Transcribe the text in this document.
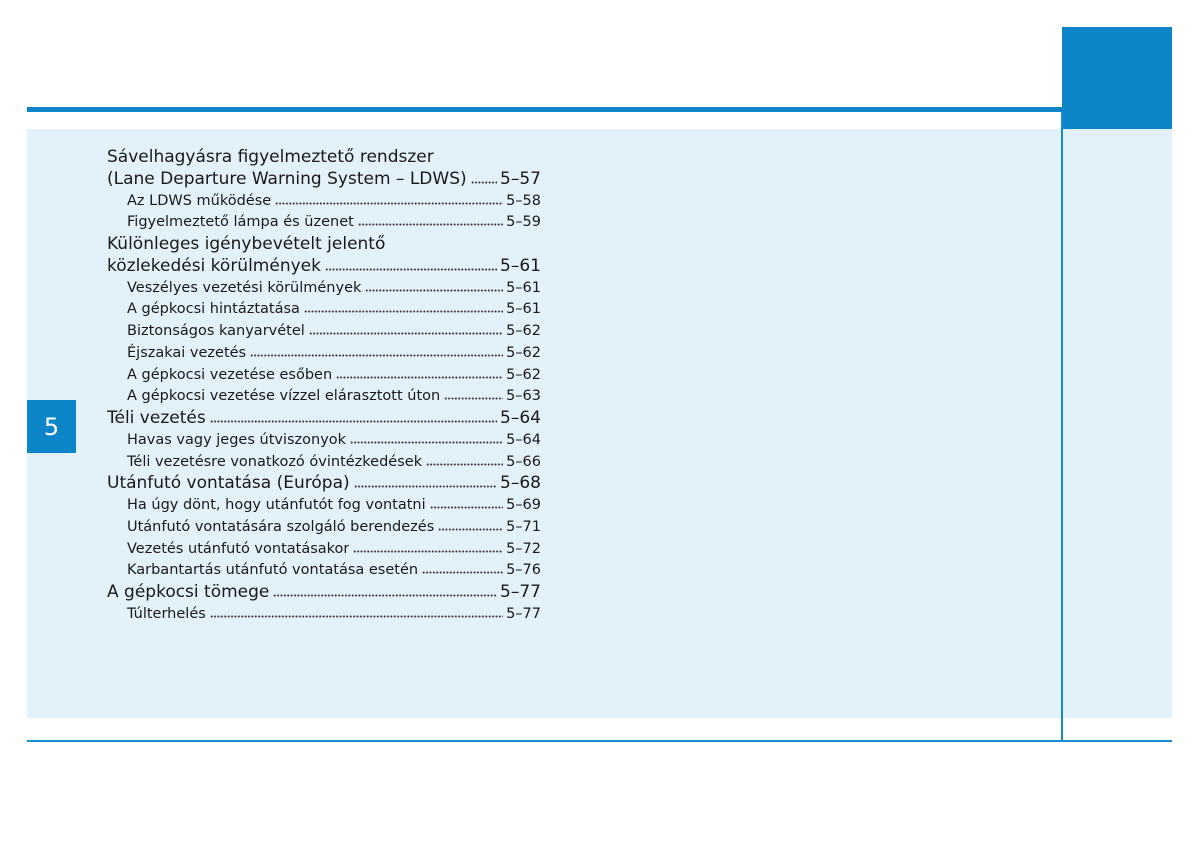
5
Sávelhagyásra figyelmeztető rendszer
(Lane Departure Warning System – LDWS) 5–57
Az LDWS működése	5–58
Figyelmeztető lámpa és üzenet	5–59
Különleges igénybevételt jelentő
közlekedési körülmények	5–61
Veszélyes vezetési körülmények	5–61
A gépkocsi hintáztatása	5–61
Biztonságos kanyarvétel	5–62
Éjszakai vezetés	5–62
A gépkocsi vezetése esőben	5–62
A gépkocsi vezetése vízzel elárasztott úton	5–63
Téli vezetés	5–64
Havas vagy jeges útviszonyok	5–64
Téli vezetésre vonatkozó óvintézkedések	5–66
Utánfutó vontatása (Európa)	5–68
Ha úgy dönt, hogy utánfutót fog vontatni	5–69
Utánfutó vontatására szolgáló berendezés	5–71
Vezetés utánfutó vontatásakor	5–72
Karbantartás utánfutó vontatása esetén	5–76
A gépkocsi tömege	5–77
Túlterhelés	5–77
